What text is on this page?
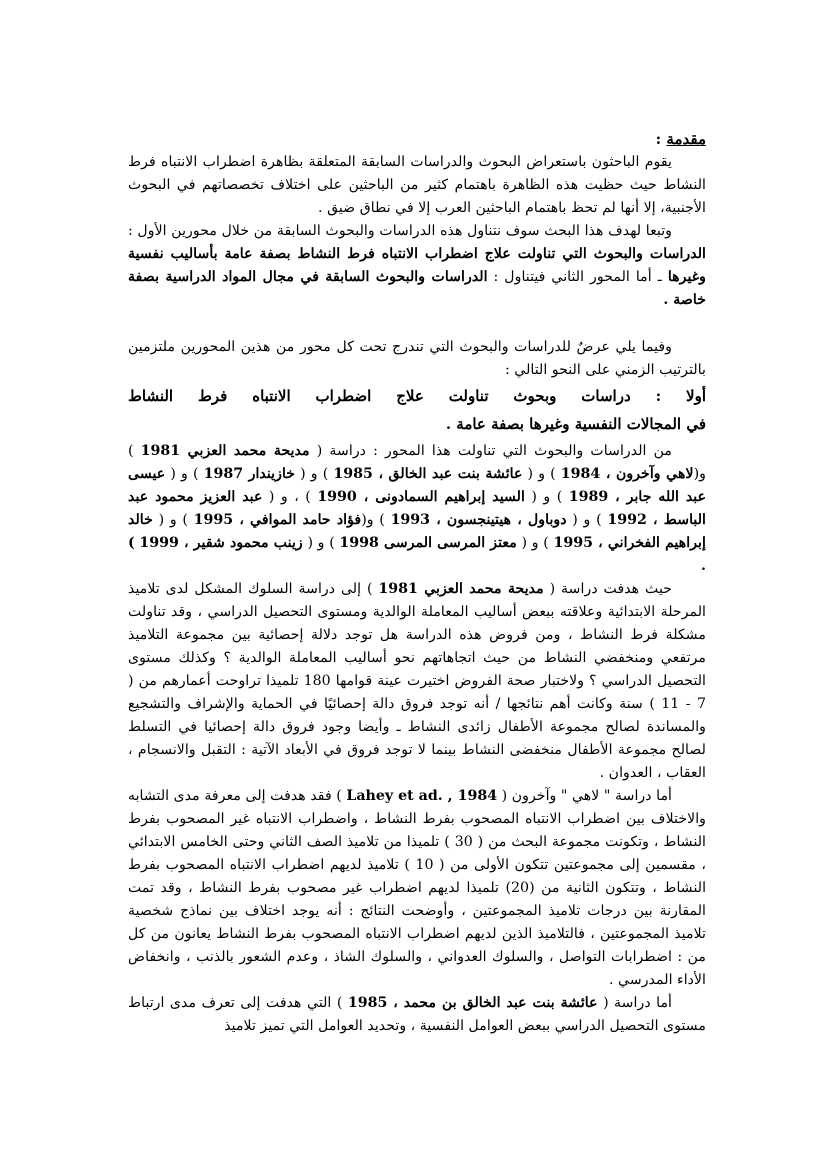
مقدمة :

يقوم الباحثون باستعراض البحوث والدراسات السابقة المتعلقة بظاهرة اضطراب الانتباه فرط النشاط حيث حظيت هذه الظاهرة باهتمام كثير من الباحثين على اختلاف تخصصاتهم في البحوث الأجنبية، إلا أنها لم تحظ باهتمام الباحثين العرب إلا في نطاق ضيق .

وتبعا لهدف هذا البحث سوف نتناول هذه الدراسات والبحوث السابقة من خلال محورين الأول : الدراسات والبحوث التي تناولت علاج اضطراب الانتباه فرط النشاط بصفة عامة بأساليب نفسية وغيرها ـ أما المحور الثاني فيتناول : الدراسات والبحوث السابقة في مجال المواد الدراسية بصفة خاصة .

وفيما يلي عرضٌ للدراسات والبحوث التي تندرج تحت كل محور من هذين المحورين ملتزمين بالترتيب الزمني على النحو التالي :

أولا : دراسات وبحوث تناولت علاج اضطراب الانتباه فرط النشاط

في المجالات النفسية وغيرها بصفة عامة .

من الدراسات والبحوث التي تناولت هذا المحور : دراسة ( مديحة محمد العزبي 1981 ) و(لاهي وآخرون ، 1984 ) و ( عائشة بنت عبد الخالق ، 1985 ) و ( خازيندار 1987 ) و ( عيسى عبد الله جابر ، 1989 ) و ( السيد إبراهيم السمادونى ، 1990 ) ، و ( عبد العزيز محمود عبد الباسط ، 1992 ) و ( دوباول ، هيتينجسون ، 1993 ) و(فؤاد حامد الموافي ، 1995 ) و ( خالد إبراهيم الفخراني ، 1995 ) و ( معتز المرسى المرسى 1998 ) و ( زينب محمود شقير ، 1999 ) .

حيث هدفت دراسة ( مديحة محمد العزبي 1981 ) إلى دراسة السلوك المشكل لدى تلاميذ المرحلة الابتدائية وعلاقته ببعض أساليب المعاملة الوالدية ومستوى التحصيل الدراسي ، وقد تناولت مشكلة فرط النشاط ، ومن فروض هذه الدراسة هل توجد دلالة إحصائية بين مجموعة التلاميذ مرتفعي ومنخفضي النشاط من حيث اتجاهاتهم نحو أساليب المعاملة الوالدية ؟ وكذلك مستوى التحصيل الدراسي ؟ ولاختبار صحة الفروض اختيرت عينة قوامها 180 تلميذا تراوحت أعمارهم من ( 7 - 11 ) سنة وكانت أهم نتائجها / أنه توجد فروق دالة إحصائيًا في الحماية والإشراف والتشجيع والمساندة لصالح مجموعة الأطفال زائدى النشاط ـ وأيضا وجود فروق دالة إحصائيا في التسلط لصالح مجموعة الأطفال منخفضى النشاط بينما لا توجد فروق في الأبعاد الآتية : التقبل والانسجام ، العقاب ، العدوان .

أما دراسة " لاهي " وآخرون ( Lahey et ad. , 1984 ) فقد هدفت إلى معرفة مدى التشابه والاختلاف بين اضطراب الانتباه المصحوب بفرط النشاط ، واضطراب الانتباه غير المصحوب بفرط النشاط ، وتكونت مجموعة البحث من ( 30 ) تلميذا من تلاميذ الصف الثاني وحتى الخامس الابتدائي ، مقسمين إلى مجموعتين تتكون الأولى من ( 10 ) تلاميذ لديهم اضطراب الانتباه المصحوب بفرط النشاط ، وتتكون الثانية من (20) تلميذا لديهم اضطراب غير مصحوب بفرط النشاط ، وقد تمت المقارنة بين درجات تلاميذ المجموعتين ، وأوضحت النتائج : أنه يوجد اختلاف بين نماذج شخصية تلاميذ المجموعتين ، فالتلاميذ الذين لديهم اضطراب الانتباه المصحوب بفرط النشاط يعانون من كل من : اضطرابات التواصل ، والسلوك العدواني ، والسلوك الشاذ ، وعدم الشعور بالذنب ، وانخفاض الأداء المدرسي .

أما دراسة ( عائشة بنت عبد الخالق بن محمد ، 1985 ) التي هدفت إلى تعرف مدى ارتباط مستوى التحصيل الدراسي ببعض العوامل النفسية ، وتحديد العوامل التي تميز تلاميذ
